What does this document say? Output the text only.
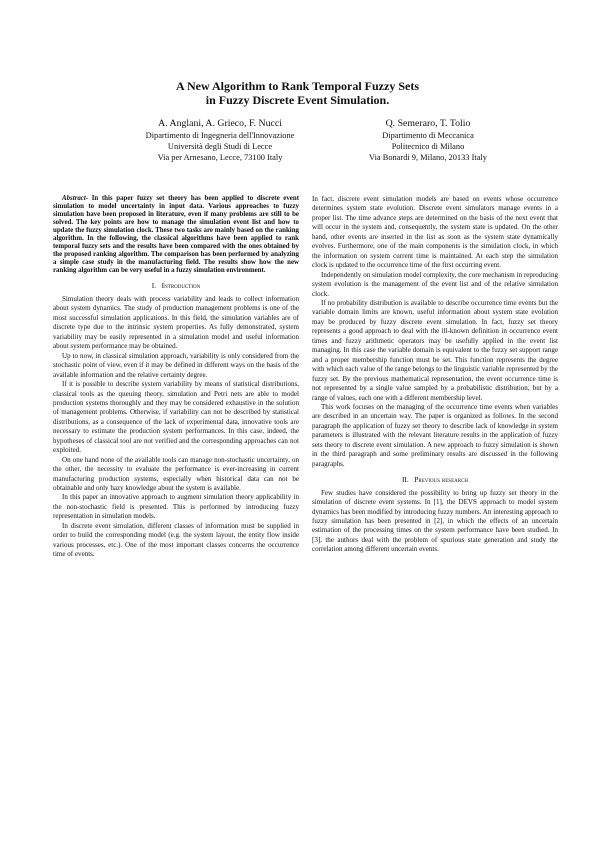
A New Algorithm to Rank Temporal Fuzzy Sets
in Fuzzy Discrete Event Simulation.
A. Anglani, A. Grieco, F. Nucci
Dipartimento di Ingegneria dell'Innovazione
Università degli Studi di Lecce
Via per Arnesano, Lecce, 73100 Italy
Q. Semeraro, T. Tolio
Dipartimento di Meccanica
Politecnico di Milano
Via Bonardi 9, Milano, 20133 Italy

Abstract- In this paper fuzzy set theory has been applied to discrete event simulation to model uncertainty in input data. Various approaches to fuzzy simulation have been proposed in literature, even if many problems are still to be solved. The key points are how to manage the simulation event list and how to update the fuzzy simulation clock. These two tasks are mainly based on the ranking algorithm. In the following, the classical algorithms have been applied to rank temporal fuzzy sets and the results have been compared with the ones obtained by the proposed ranking algorithm. The comparison has been performed by analyzing a simple case study in the manufacturing field. The results show how the new ranking algorithm can be very useful in a fuzzy simulation environment.

I. Introduction

Simulation theory deals with process variability and leads to collect information about system dynamics. The study of production management problems is one of the most successful simulation applications. In this field, the simulation variables are of discrete type due to the intrinsic system properties. As fully demonstrated, system variability may be easily represented in a simulation model and useful information about system performance may be obtained.

Up to now, in classical simulation approach, variability is only considered from the stochastic point of view, even if it may be defined in different ways on the basis of the available information and the relative certainty degree.

If it is possible to describe system variability by means of statistical distributions, classical tools as the queuing theory, simulation and Petri nets are able to model production systems thoroughly and they may be considered exhaustive in the solution of management problems. Otherwise, if variability can not be described by statistical distributions, as a consequence of the lack of experimental data, innovative tools are necessary to estimate the production system performances. In this case, indeed, the hypotheses of classical tool are not verified and the corresponding approaches can not exploited.

On one hand none of the available tools can manage non-stochastic uncertainty, on the other, the necessity to evaluate the performance is ever-increasing in current manufacturing production systems, especially when historical data can not be obtainable and only hazy knowledge about the system is available.

In this paper an innovative approach to augment simulation theory applicability in the non-stochastic field is presented. This is performed by introducing fuzzy representation in simulation models.

In discrete event simulation, different classes of information must be supplied in order to build the corresponding model (e.g. the system layout, the entity flow inside various processes, etc.). One of the most important classes concerns the occurrence time of events.

In fact, discrete event simulation models are based on events whose occurrence determines system state evolution. Discrete event simulators manage events in a proper list. The time advance steps are determined on the basis of the next event that will occur in the system and, consequently, the system state is updated. On the other hand, other events are inserted in the list as soon as the system state dynamically evolves. Furthermore, one of the main components is the simulation clock, in which the information on system current time is maintained. At each step the simulation clock is updated to the occurrence time of the first occurring event.

Independently on simulation model complexity, the core mechanism in reproducing system evolution is the management of the event list and of the relative simulation clock.

If no probability distribution is available to describe occurrence time events but the variable domain limits are known, useful information about system state evolution may be produced by fuzzy discrete event simulation. In fact, fuzzy set theory represents a good approach to deal with the ill-known definition in occurrence event times and fuzzy arithmetic operators may be usefully applied in the event list managing. In this case the variable domain is equivalent to the fuzzy set support range and a proper membership function must be set. This function represents the degree with which each value of the range belongs to the linguistic variable represented by the fuzzy set. By the previous mathematical representation, the event occurrence time is not represented by a single value sampled by a probabilistic distribution, but by a range of values, each one with a different membership level.

This work focuses on the managing of the occurrence time events when variables are described in an uncertain way. The paper is organized as follows. In the second paragraph the application of fuzzy set theory to describe lack of knowledge in system parameters is illustrated with the relevant literature results in the application of fuzzy sets theory to discrete event simulation. A new approach to fuzzy simulation is shown in the third paragraph and some preliminary results are discussed in the following paragraphs.

II. Previous research

Few studies have considered the possibility to bring up fuzzy set theory in the simulation of discrete event systems. In [1], the DEVS approach to model system dynamics has been modified by introducing fuzzy numbers. An interesting approach to fuzzy simulation has been presented in [2], in which the effects of an uncertain estimation of the processing times on the system performance have been studied. In [3], the authors deal with the problem of spurious state generation and study the correlation among different uncertain events.
